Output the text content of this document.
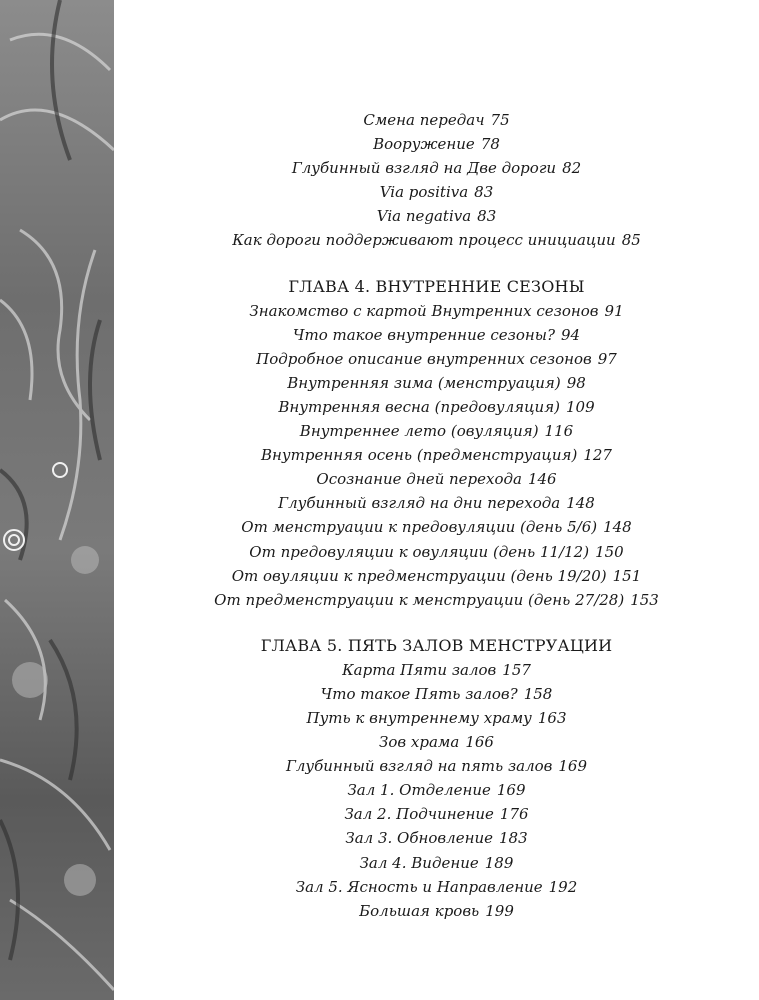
Смена передач 75
Вооружение 78
Глубинный взгляд на Две дороги 82
Via positiva 83
Via negativa 83
Как дороги поддерживают процесс инициации 85
ГЛАВА 4. ВНУТРЕННИЕ СЕЗОНЫ
Знакомство с картой Внутренних сезонов 91
Что такое внутренние сезоны? 94
Подробное описание внутренних сезонов 97
Внутренняя зима (менструация) 98
Внутренняя весна (предовуляция) 109
Внутреннее лето (овуляция) 116
Внутренняя осень (предменструация) 127
Осознание дней перехода 146
Глубинный взгляд на дни перехода 148
От менструации к предовуляции (день 5/6) 148
От предовуляции к овуляции (день 11/12) 150
От овуляции к предменструации (день 19/20) 151
От предменструации к менструации (день 27/28) 153
ГЛАВА 5. ПЯТЬ ЗАЛОВ МЕНСТРУАЦИИ
Карта Пяти залов 157
Что такое Пять залов? 158
Путь к внутреннему храму 163
Зов храма 166
Глубинный взгляд на пять залов 169
Зал 1. Отделение 169
Зал 2. Подчинение 176
Зал 3. Обновление 183
Зал 4. Видение 189
Зал 5. Ясность и Направление 192
Большая кровь 199
